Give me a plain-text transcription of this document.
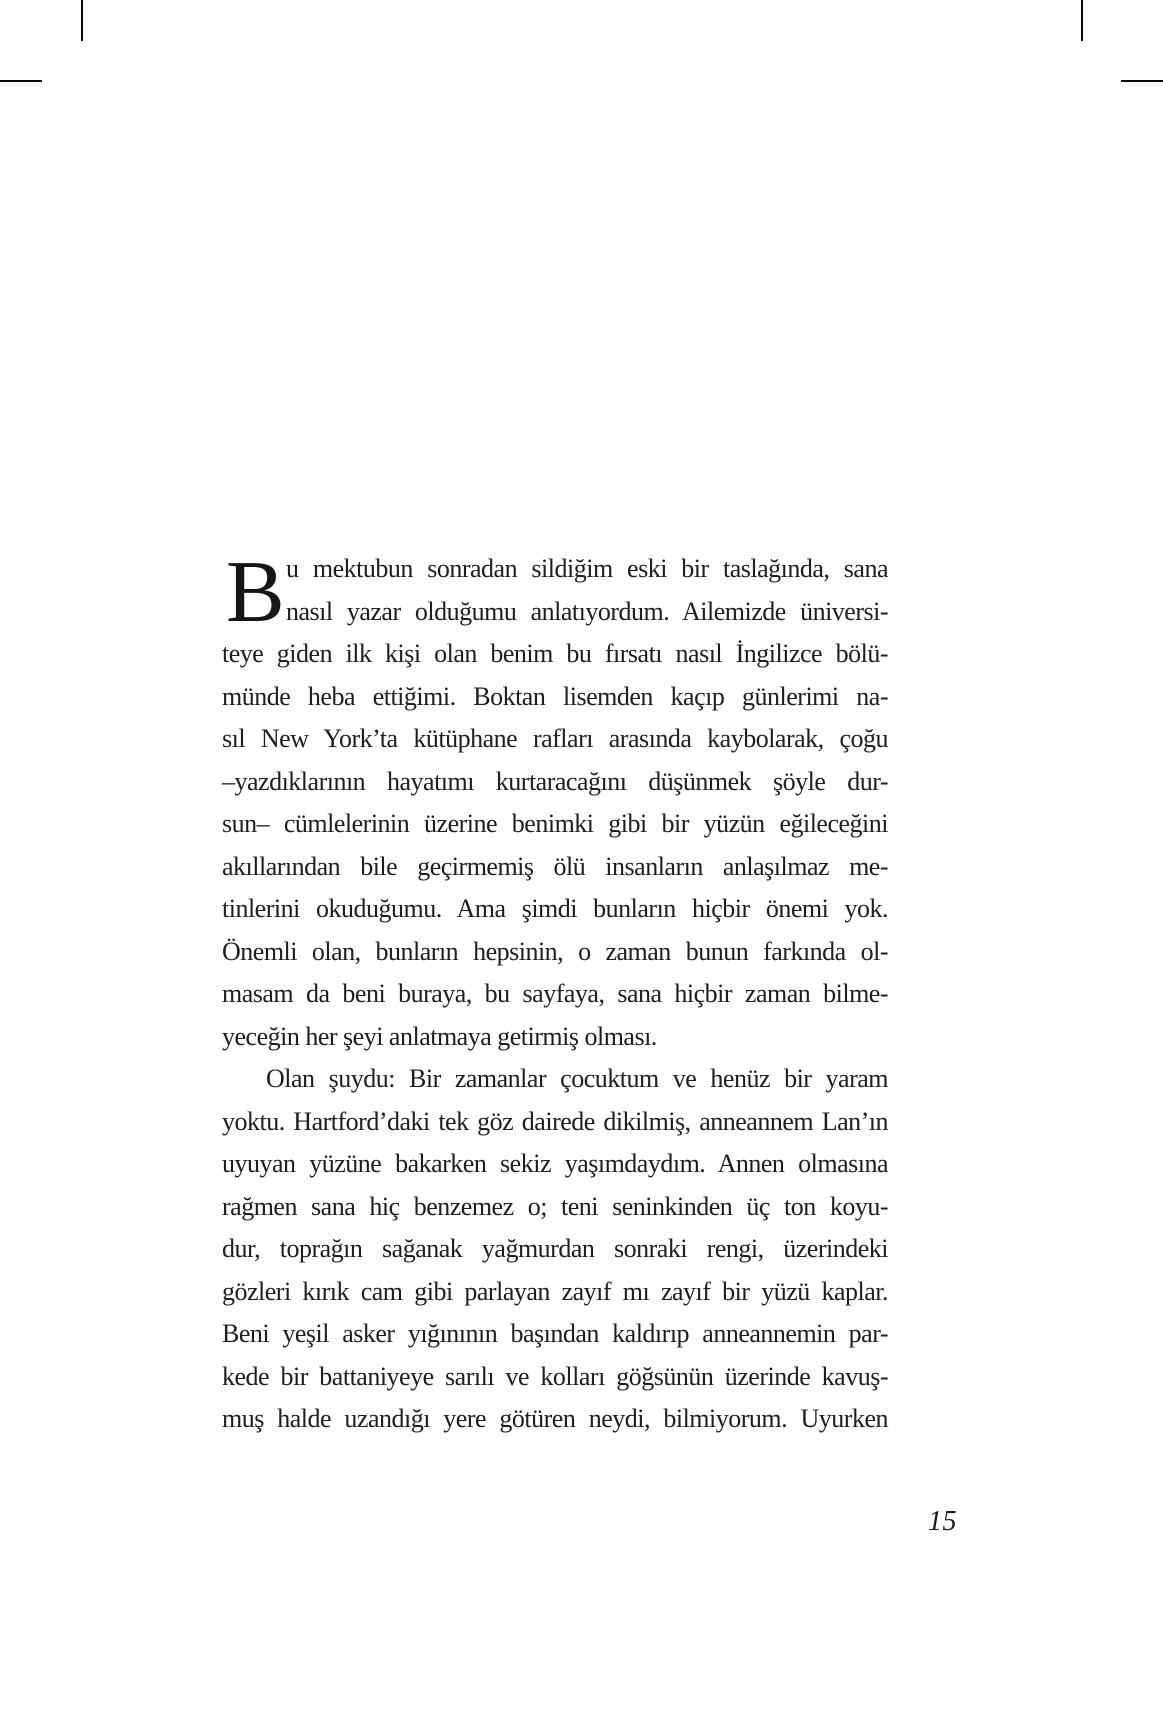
B u mektubun sonradan sildiğim eski bir taslağında, sana
nasıl yazar olduğumu anlatıyordum. Ailemizde üniversi-
teye giden ilk kişi olan benim bu fırsatı nasıl İngilizce bölü-
münde heba ettiğimi. Boktan lisemden kaçıp günlerimi na-
sıl New York’ta kütüphane rafları arasında kaybolarak, çoğu
–yazdıklarının hayatımı kurtaracağını düşünmek şöyle dur-
sun– cümlelerinin üzerine benimki gibi bir yüzün eğileceğini
akıllarından bile geçirmemiş ölü insanların anlaşılmaz me-
tinlerini okuduğumu. Ama şimdi bunların hiçbir önemi yok.
Önemli olan, bunların hepsinin, o zaman bunun farkında ol-
masam da beni buraya, bu sayfaya, sana hiçbir zaman bilme-
yeceğin her şeyi anlatmaya getirmiş olması.
Olan şuydu: Bir zamanlar çocuktum ve henüz bir yaram
yoktu. Hartford’daki tek göz dairede dikilmiş, anneannem Lan’ın
uyuyan yüzüne bakarken sekiz yaşımdaydım. Annen olmasına
rağmen sana hiç benzemez o; teni seninkinden üç ton koyu-
dur, toprağın sağanak yağmurdan sonraki rengi, üzerindeki
gözleri kırık cam gibi parlayan zayıf mı zayıf bir yüzü kaplar.
Beni yeşil asker yığınının başından kaldırıp anneannemin par-
kede bir battaniyeye sarılı ve kolları göğsünün üzerinde kavuş-
muş halde uzandığı yere götüren neydi, bilmiyorum. Uyurken
15
